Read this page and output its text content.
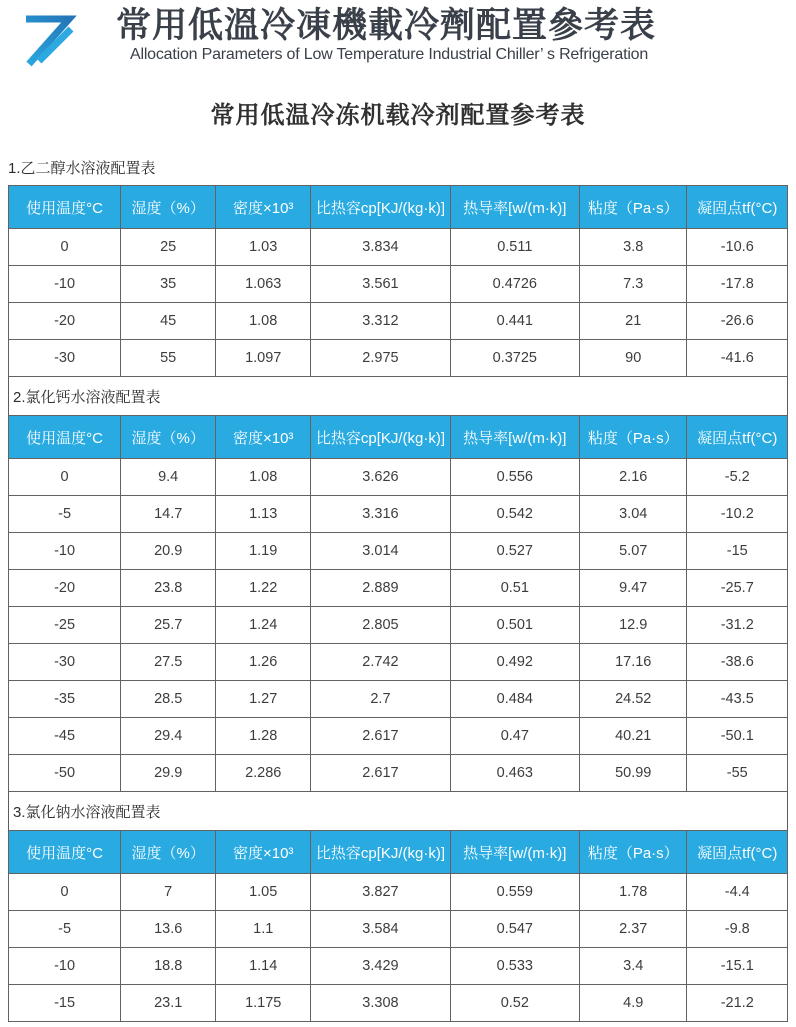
常用低溫冷凍機載冷劑配置參考表
Allocation Parameters of Low Temperature Industrial Chiller’ s Refrigeration
常用低温冷冻机载冷剂配置参考表
1.乙二醇水溶液配置表
使用温度°C	湿度（%）	密度×10³	比热容cp[KJ/(kg·k)]	热导率[w/(m·k)]	粘度（Pa·s）	凝固点tf(°C)
0	25	1.03	3.834	0.511	3.8	-10.6
-10	35	1.063	3.561	0.4726	7.3	-17.8
-20	45	1.08	3.312	0.441	21	-26.6
-30	55	1.097	2.975	0.3725	90	-41.6
2.氯化钙水溶液配置表
使用温度°C	湿度（%）	密度×10³	比热容cp[KJ/(kg·k)]	热导率[w/(m·k)]	粘度（Pa·s）	凝固点tf(°C)
0	9.4	1.08	3.626	0.556	2.16	-5.2
-5	14.7	1.13	3.316	0.542	3.04	-10.2
-10	20.9	1.19	3.014	0.527	5.07	-15
-20	23.8	1.22	2.889	0.51	9.47	-25.7
-25	25.7	1.24	2.805	0.501	12.9	-31.2
-30	27.5	1.26	2.742	0.492	17.16	-38.6
-35	28.5	1.27	2.7	0.484	24.52	-43.5
-45	29.4	1.28	2.617	0.47	40.21	-50.1
-50	29.9	2.286	2.617	0.463	50.99	-55
3.氯化钠水溶液配置表
使用温度°C	湿度（%）	密度×10³	比热容cp[KJ/(kg·k)]	热导率[w/(m·k)]	粘度（Pa·s）	凝固点tf(°C)
0	7	1.05	3.827	0.559	1.78	-4.4
-5	13.6	1.1	3.584	0.547	2.37	-9.8
-10	18.8	1.14	3.429	0.533	3.4	-15.1
-15	23.1	1.175	3.308	0.52	4.9	-21.2
